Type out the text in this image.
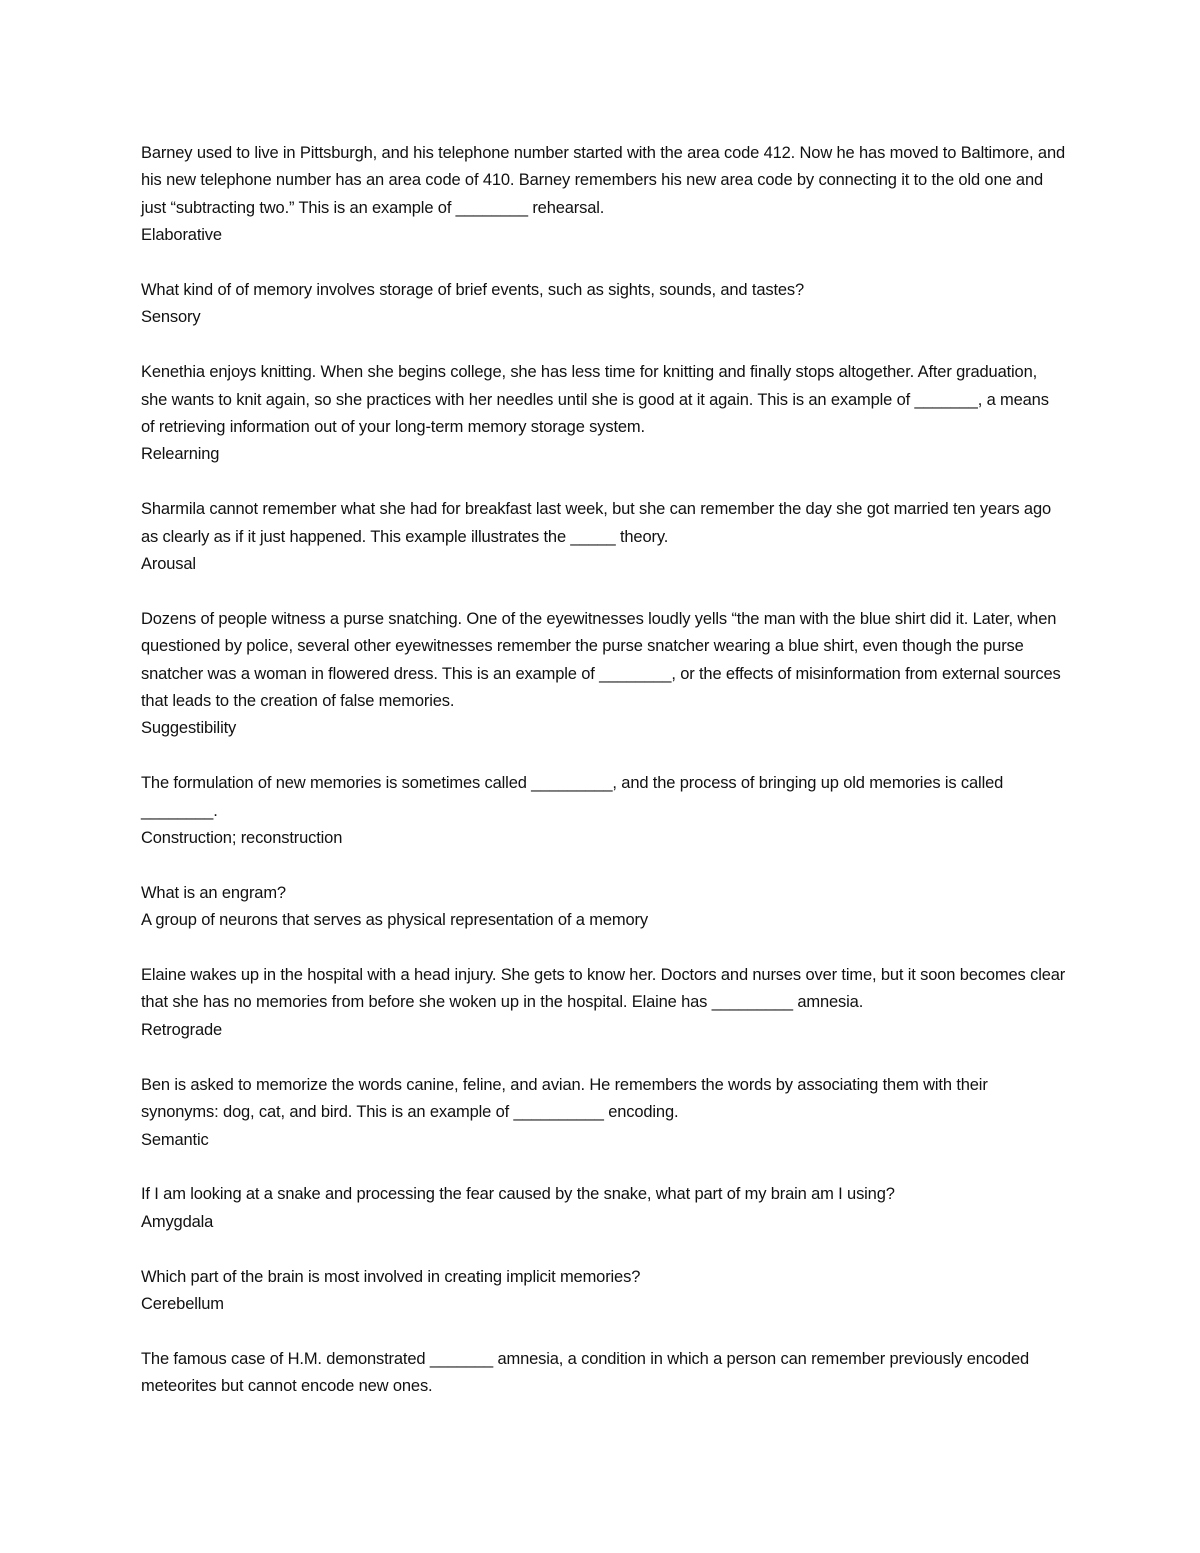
Barney used to live in Pittsburgh, and his telephone number started with the area code 412. Now he has moved to Baltimore, and his new telephone number has an area code of 410. Barney remembers his new area code by connecting it to the old one and just “subtracting two.” This is an example of ________ rehearsal.
Elaborative
What kind of of memory involves storage of brief events, such as sights, sounds, and tastes?
Sensory
Kenethia enjoys knitting. When she begins college, she has less time for knitting and finally stops altogether. After graduation, she wants to knit again, so she practices with her needles until she is good at it again. This is an example of _______, a means of retrieving information out of your long-term memory storage system.
Relearning
Sharmila cannot remember what she had for breakfast last week, but she can remember the day she got married ten years ago as clearly as if it just happened. This example illustrates the _____ theory.
Arousal
Dozens of people witness a purse snatching. One of the eyewitnesses loudly yells “the man with the blue shirt did it. Later, when questioned by police, several other eyewitnesses remember the purse snatcher wearing a blue shirt, even though the purse snatcher was a woman in flowered dress. This is an example of ________, or the effects of misinformation from external sources that leads to the creation of false memories.
Suggestibility
The formulation of new memories is sometimes called _________, and the process of bringing up old memories is called ________.
Construction; reconstruction
What is an engram?
A group of neurons that serves as physical representation of a memory
Elaine wakes up in the hospital with a head injury. She gets to know her. Doctors and nurses over time, but it soon becomes clear that she has no memories from before she woken up in the hospital. Elaine has _________ amnesia.
Retrograde
Ben is asked to memorize the words canine, feline, and avian. He remembers the words by associating them with their synonyms: dog, cat, and bird. This is an example of __________ encoding.
Semantic
If I am looking at a snake and processing the fear caused by the snake, what part of my brain am I using?
Amygdala
Which part of the brain is most involved in creating implicit memories?
Cerebellum
The famous case of H.M. demonstrated _______ amnesia, a condition in which a person can remember previously encoded meteorites but cannot encode new ones.
